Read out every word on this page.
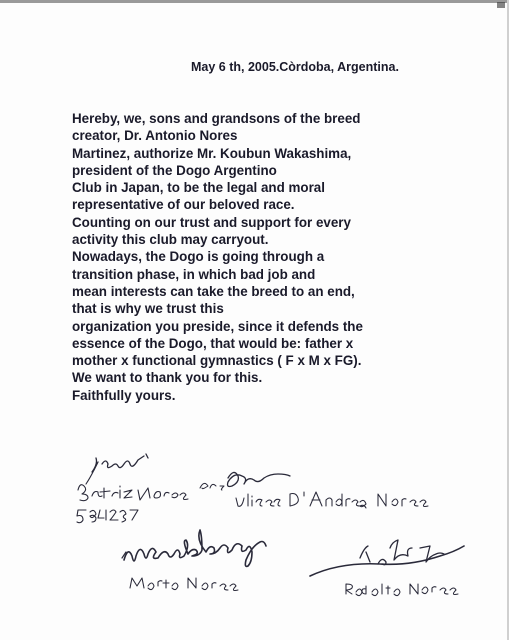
May 6 th, 2005.Còrdoba, Argentina.
Hereby, we, sons and grandsons of the breed
creator, Dr. Antonio Nores
Martinez, authorize Mr. Koubun Wakashima,
president of the Dogo Argentino
Club in Japan, to be the legal and moral
representative of our beloved race.
Counting on our trust and support for every
activity this club may carryout.
Nowadays, the Dogo is going through a
transition phase, in which bad job and
mean interests can take the breed to an end,
that is why we trust this
organization you preside, since it defends the
essence of the Dogo, that would be: father x
mother x functional gymnastics ( F x M x FG).
We want to thank you for this.
Faithfully yours.
